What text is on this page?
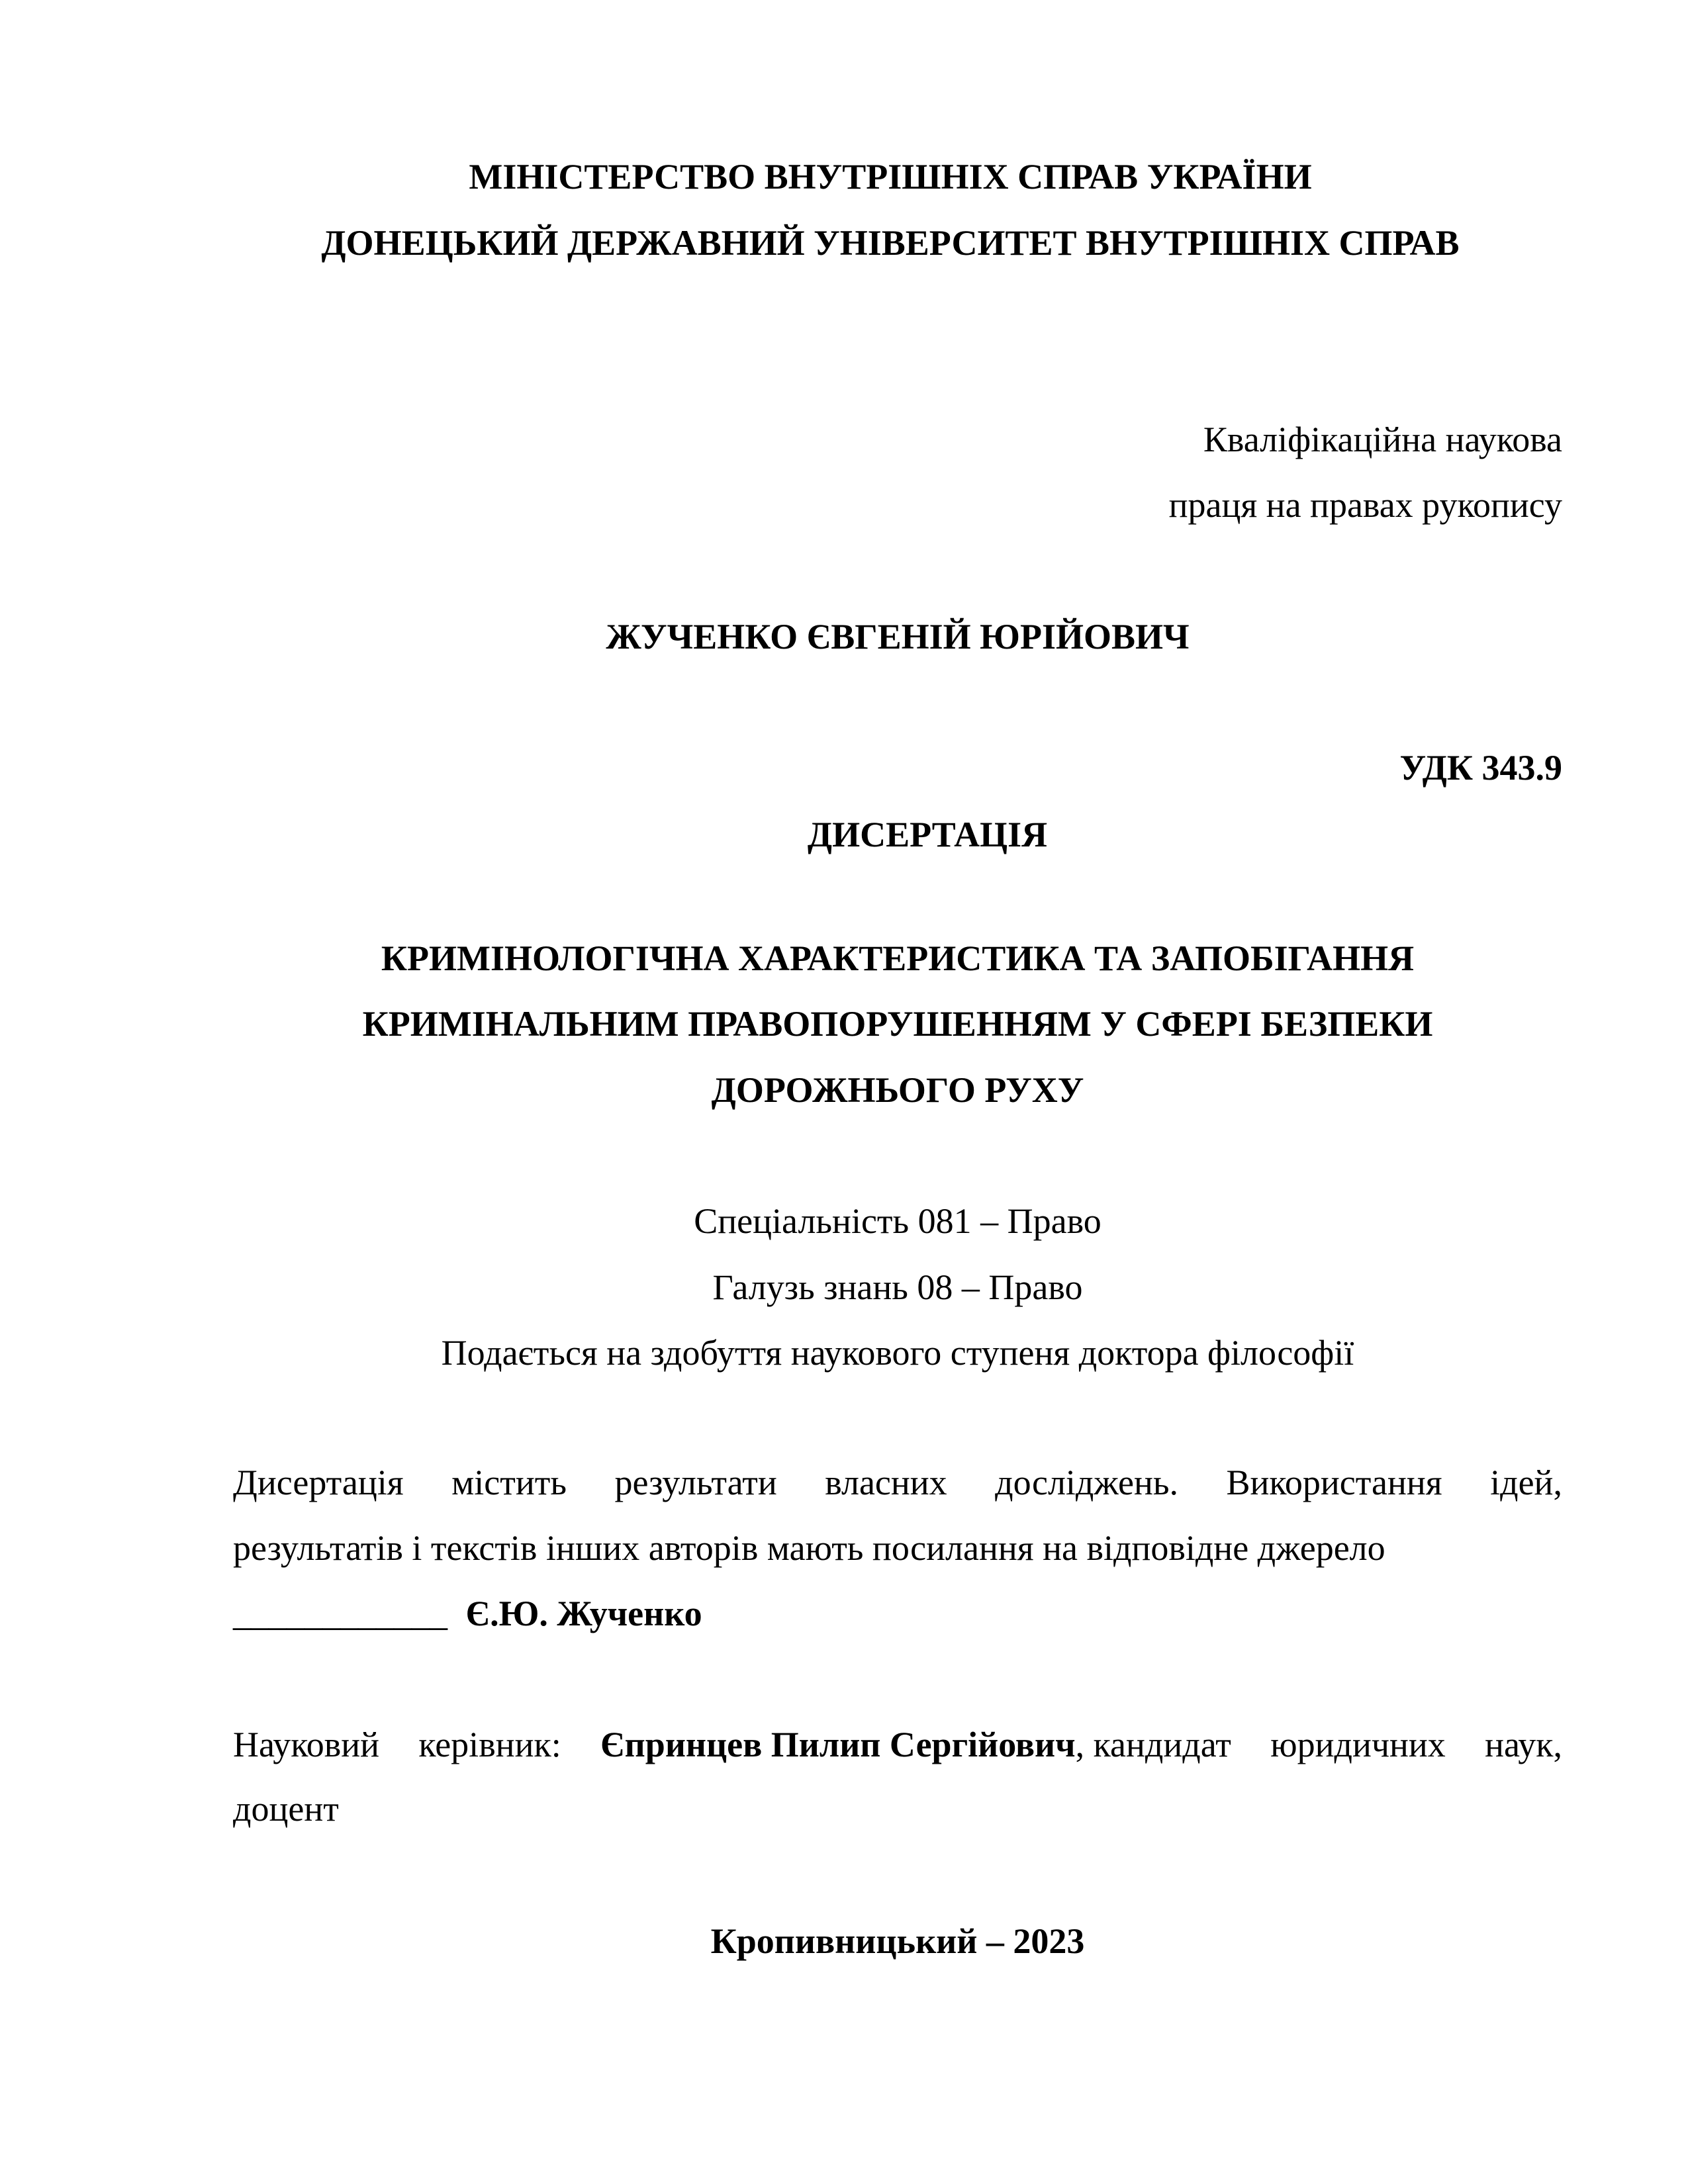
МІНІСТЕРСТВО ВНУТРІШНІХ СПРАВ УКРАЇНИ
ДОНЕЦЬКИЙ ДЕРЖАВНИЙ УНІВЕРСИТЕТ ВНУТРІШНІХ СПРАВ
Кваліфікаційна наукова
праця на правах рукопису
ЖУЧЕНКО ЄВГЕНІЙ ЮРІЙОВИЧ
УДК 343.9
ДИСЕРТАЦІЯ
КРИМІНОЛОГІЧНА ХАРАКТЕРИСТИКА ТА ЗАПОБІГАННЯ
КРИМІНАЛЬНИМ ПРАВОПОРУШЕННЯМ У СФЕРІ БЕЗПЕКИ
ДОРОЖНЬОГО РУХУ
Спеціальність 081 – Право
Галузь знань 08 – Право
Подається на здобуття наукового ступеня доктора філософії
Дисертація містить результати власних досліджень. Використання ідей,
результатів і текстів інших авторів мають посилання на відповідне джерело
____________ Є.Ю. Жученко
Науковий керівник: Єпринцев Пилип Сергійович , кандидат юридичних наук,
доцент
Кропивницький – 2023
